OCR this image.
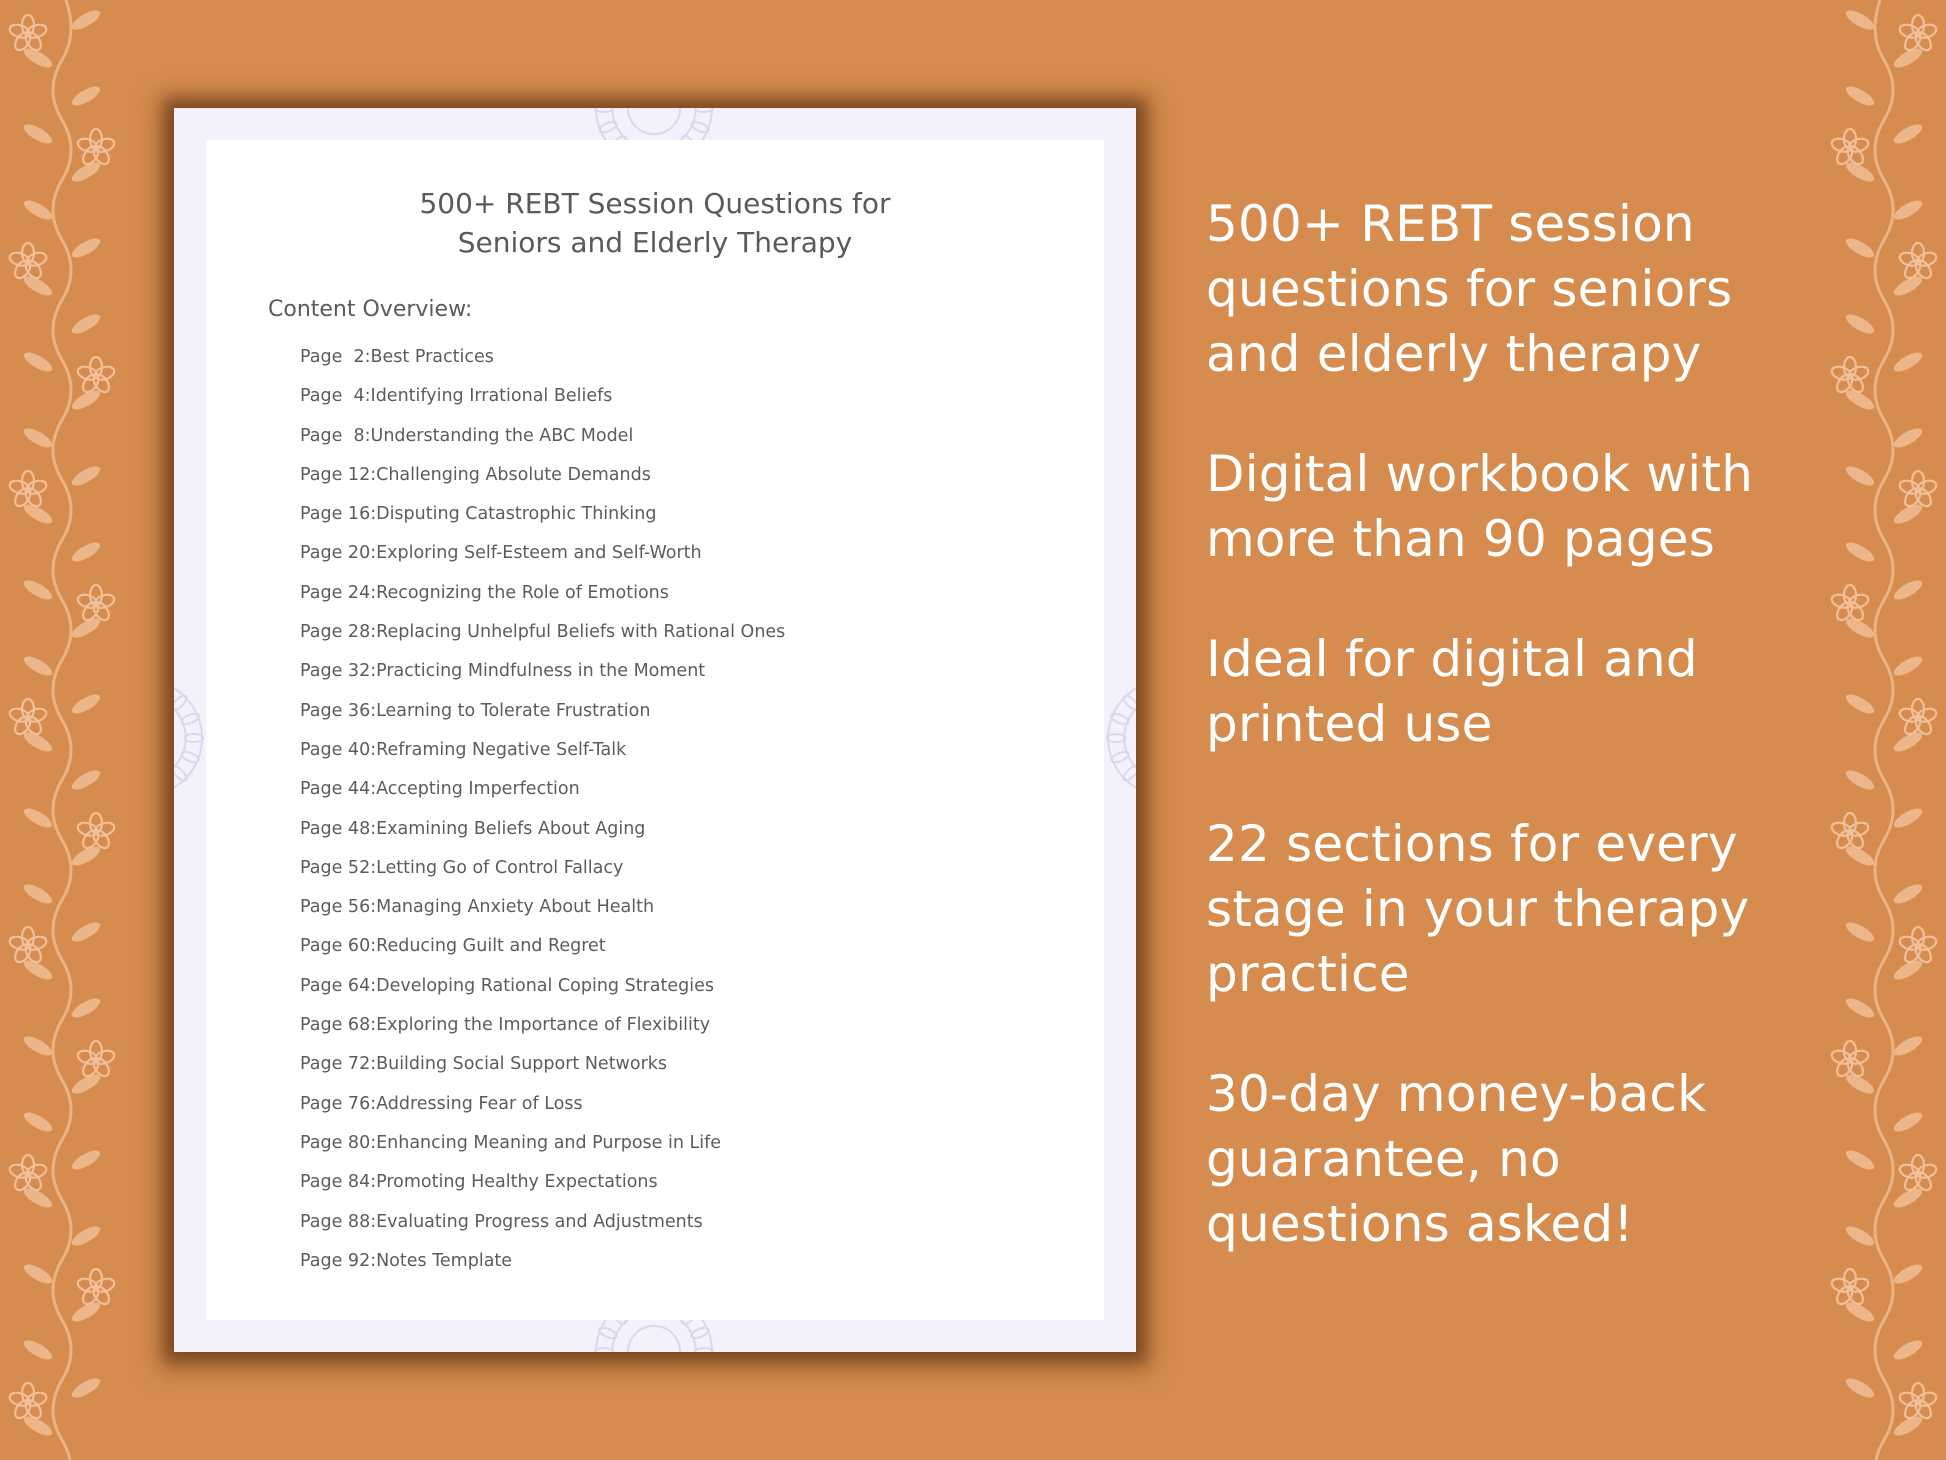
500+ REBT Session Questions for
Seniors and Elderly Therapy
Content Overview:
Page  2: Best Practices
Page  4: Identifying Irrational Beliefs
Page  8: Understanding the ABC Model
Page 12: Challenging Absolute Demands
Page 16: Disputing Catastrophic Thinking
Page 20: Exploring Self-Esteem and Self-Worth
Page 24: Recognizing the Role of Emotions
Page 28: Replacing Unhelpful Beliefs with Rational Ones
Page 32: Practicing Mindfulness in the Moment
Page 36: Learning to Tolerate Frustration
Page 40: Reframing Negative Self-Talk
Page 44: Accepting Imperfection
Page 48: Examining Beliefs About Aging
Page 52: Letting Go of Control Fallacy
Page 56: Managing Anxiety About Health
Page 60: Reducing Guilt and Regret
Page 64: Developing Rational Coping Strategies
Page 68: Exploring the Importance of Flexibility
Page 72: Building Social Support Networks
Page 76: Addressing Fear of Loss
Page 80: Enhancing Meaning and Purpose in Life
Page 84: Promoting Healthy Expectations
Page 88: Evaluating Progress and Adjustments
Page 92: Notes Template
500+ REBT session
questions for seniors
and elderly therapy
Digital workbook with
more than 90 pages
Ideal for digital and
printed use
22 sections for every
stage in your therapy
practice
30-day money-back
guarantee, no
questions asked!
